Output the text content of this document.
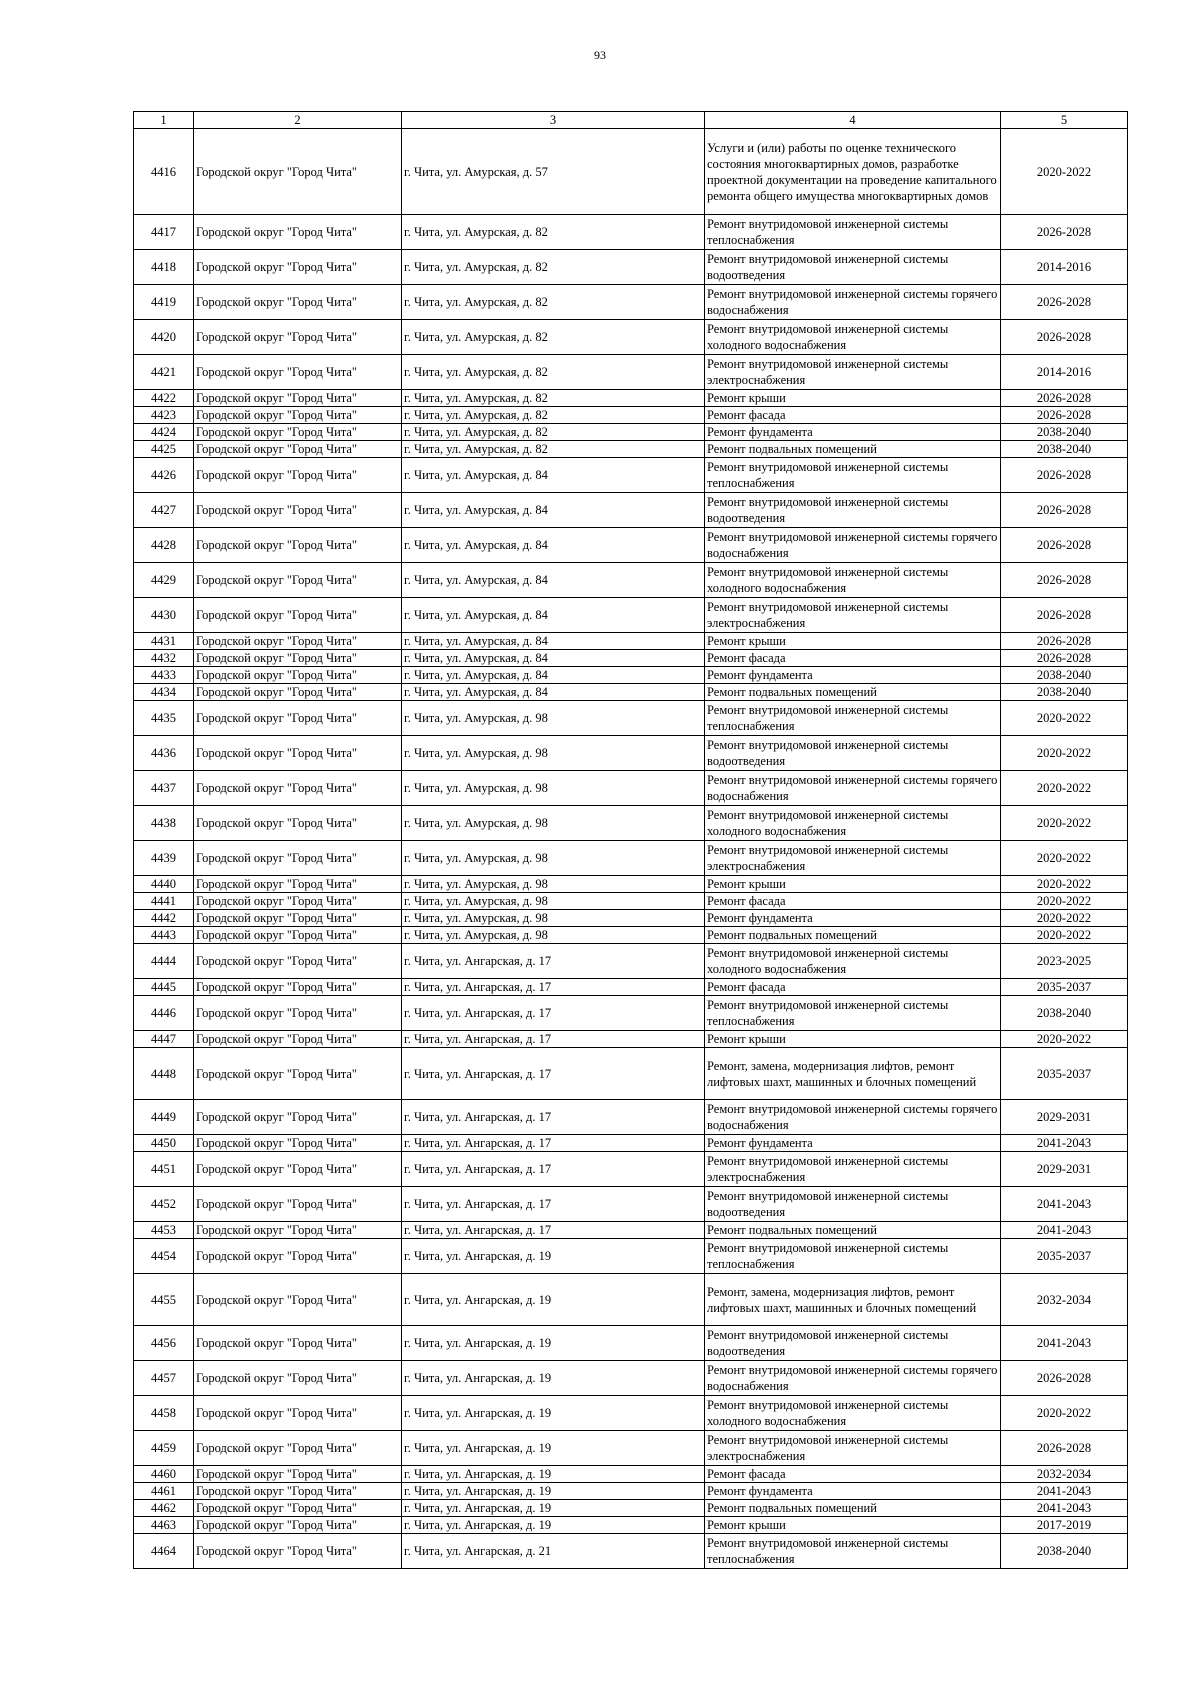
93
1	2	3	4	5
4416	Городской округ "Город Чита"	г. Чита, ул. Амурская, д. 57	Услуги и (или) работы по оценке технического состояния многоквартирных домов, разработке проектной документации на проведение капитального ремонта общего имущества многоквартирных домов	2020-2022
4417	Городской округ "Город Чита"	г. Чита, ул. Амурская, д. 82	Ремонт внутридомовой инженерной системы теплоснабжения	2026-2028
4418	Городской округ "Город Чита"	г. Чита, ул. Амурская, д. 82	Ремонт внутридомовой инженерной системы водоотведения	2014-2016
4419	Городской округ "Город Чита"	г. Чита, ул. Амурская, д. 82	Ремонт внутридомовой инженерной системы горячего водоснабжения	2026-2028
4420	Городской округ "Город Чита"	г. Чита, ул. Амурская, д. 82	Ремонт внутридомовой инженерной системы холодного водоснабжения	2026-2028
4421	Городской округ "Город Чита"	г. Чита, ул. Амурская, д. 82	Ремонт внутридомовой инженерной системы электроснабжения	2014-2016
4422	Городской округ "Город Чита"	г. Чита, ул. Амурская, д. 82	Ремонт крыши	2026-2028
4423	Городской округ "Город Чита"	г. Чита, ул. Амурская, д. 82	Ремонт фасада	2026-2028
4424	Городской округ "Город Чита"	г. Чита, ул. Амурская, д. 82	Ремонт фундамента	2038-2040
4425	Городской округ "Город Чита"	г. Чита, ул. Амурская, д. 82	Ремонт подвальных помещений	2038-2040
4426	Городской округ "Город Чита"	г. Чита, ул. Амурская, д. 84	Ремонт внутридомовой инженерной системы теплоснабжения	2026-2028
4427	Городской округ "Город Чита"	г. Чита, ул. Амурская, д. 84	Ремонт внутридомовой инженерной системы водоотведения	2026-2028
4428	Городской округ "Город Чита"	г. Чита, ул. Амурская, д. 84	Ремонт внутридомовой инженерной системы горячего водоснабжения	2026-2028
4429	Городской округ "Город Чита"	г. Чита, ул. Амурская, д. 84	Ремонт внутридомовой инженерной системы холодного водоснабжения	2026-2028
4430	Городской округ "Город Чита"	г. Чита, ул. Амурская, д. 84	Ремонт внутридомовой инженерной системы электроснабжения	2026-2028
4431	Городской округ "Город Чита"	г. Чита, ул. Амурская, д. 84	Ремонт крыши	2026-2028
4432	Городской округ "Город Чита"	г. Чита, ул. Амурская, д. 84	Ремонт фасада	2026-2028
4433	Городской округ "Город Чита"	г. Чита, ул. Амурская, д. 84	Ремонт фундамента	2038-2040
4434	Городской округ "Город Чита"	г. Чита, ул. Амурская, д. 84	Ремонт подвальных помещений	2038-2040
4435	Городской округ "Город Чита"	г. Чита, ул. Амурская, д. 98	Ремонт внутридомовой инженерной системы теплоснабжения	2020-2022
4436	Городской округ "Город Чита"	г. Чита, ул. Амурская, д. 98	Ремонт внутридомовой инженерной системы водоотведения	2020-2022
4437	Городской округ "Город Чита"	г. Чита, ул. Амурская, д. 98	Ремонт внутридомовой инженерной системы горячего водоснабжения	2020-2022
4438	Городской округ "Город Чита"	г. Чита, ул. Амурская, д. 98	Ремонт внутридомовой инженерной системы холодного водоснабжения	2020-2022
4439	Городской округ "Город Чита"	г. Чита, ул. Амурская, д. 98	Ремонт внутридомовой инженерной системы электроснабжения	2020-2022
4440	Городской округ "Город Чита"	г. Чита, ул. Амурская, д. 98	Ремонт крыши	2020-2022
4441	Городской округ "Город Чита"	г. Чита, ул. Амурская, д. 98	Ремонт фасада	2020-2022
4442	Городской округ "Город Чита"	г. Чита, ул. Амурская, д. 98	Ремонт фундамента	2020-2022
4443	Городской округ "Город Чита"	г. Чита, ул. Амурская, д. 98	Ремонт подвальных помещений	2020-2022
4444	Городской округ "Город Чита"	г. Чита, ул. Ангарская, д. 17	Ремонт внутридомовой инженерной системы холодного водоснабжения	2023-2025
4445	Городской округ "Город Чита"	г. Чита, ул. Ангарская, д. 17	Ремонт фасада	2035-2037
4446	Городской округ "Город Чита"	г. Чита, ул. Ангарская, д. 17	Ремонт внутридомовой инженерной системы теплоснабжения	2038-2040
4447	Городской округ "Город Чита"	г. Чита, ул. Ангарская, д. 17	Ремонт крыши	2020-2022
4448	Городской округ "Город Чита"	г. Чита, ул. Ангарская, д. 17	Ремонт, замена, модернизация лифтов, ремонт лифтовых шахт, машинных и блочных помещений	2035-2037
4449	Городской округ "Город Чита"	г. Чита, ул. Ангарская, д. 17	Ремонт внутридомовой инженерной системы горячего водоснабжения	2029-2031
4450	Городской округ "Город Чита"	г. Чита, ул. Ангарская, д. 17	Ремонт фундамента	2041-2043
4451	Городской округ "Город Чита"	г. Чита, ул. Ангарская, д. 17	Ремонт внутридомовой инженерной системы электроснабжения	2029-2031
4452	Городской округ "Город Чита"	г. Чита, ул. Ангарская, д. 17	Ремонт внутридомовой инженерной системы водоотведения	2041-2043
4453	Городской округ "Город Чита"	г. Чита, ул. Ангарская, д. 17	Ремонт подвальных помещений	2041-2043
4454	Городской округ "Город Чита"	г. Чита, ул. Ангарская, д. 19	Ремонт внутридомовой инженерной системы теплоснабжения	2035-2037
4455	Городской округ "Город Чита"	г. Чита, ул. Ангарская, д. 19	Ремонт, замена, модернизация лифтов, ремонт лифтовых шахт, машинных и блочных помещений	2032-2034
4456	Городской округ "Город Чита"	г. Чита, ул. Ангарская, д. 19	Ремонт внутридомовой инженерной системы водоотведения	2041-2043
4457	Городской округ "Город Чита"	г. Чита, ул. Ангарская, д. 19	Ремонт внутридомовой инженерной системы горячего водоснабжения	2026-2028
4458	Городской округ "Город Чита"	г. Чита, ул. Ангарская, д. 19	Ремонт внутридомовой инженерной системы холодного водоснабжения	2020-2022
4459	Городской округ "Город Чита"	г. Чита, ул. Ангарская, д. 19	Ремонт внутридомовой инженерной системы электроснабжения	2026-2028
4460	Городской округ "Город Чита"	г. Чита, ул. Ангарская, д. 19	Ремонт фасада	2032-2034
4461	Городской округ "Город Чита"	г. Чита, ул. Ангарская, д. 19	Ремонт фундамента	2041-2043
4462	Городской округ "Город Чита"	г. Чита, ул. Ангарская, д. 19	Ремонт подвальных помещений	2041-2043
4463	Городской округ "Город Чита"	г. Чита, ул. Ангарская, д. 19	Ремонт крыши	2017-2019
4464	Городской округ "Город Чита"	г. Чита, ул. Ангарская, д. 21	Ремонт внутридомовой инженерной системы теплоснабжения	2038-2040
